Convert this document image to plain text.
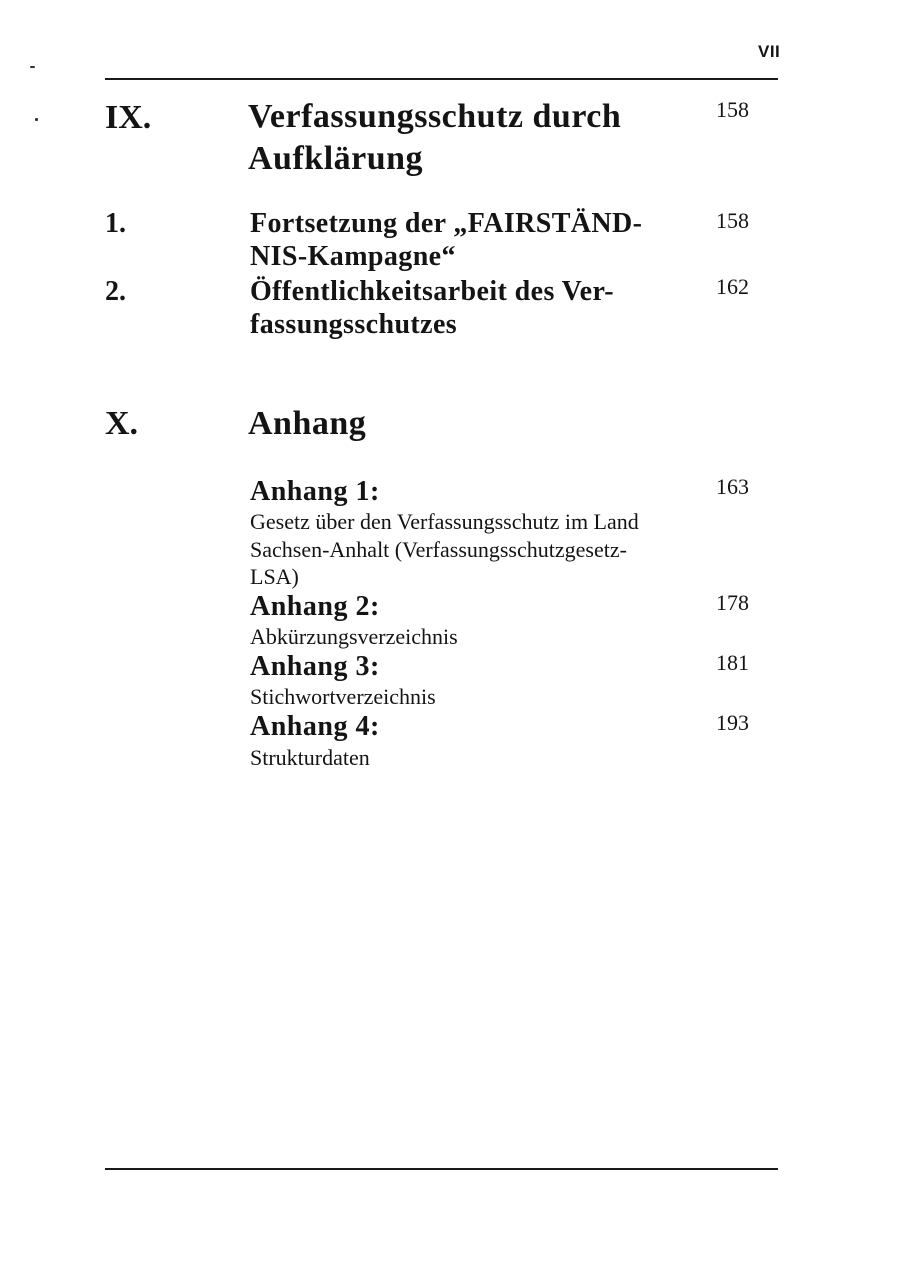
VII
IX.	Verfassungsschutz durch
Aufklärung
158
1.	Fortsetzung der „FAIRSTÄND-
NIS-Kampagne“
158
2.	Öffentlichkeitsarbeit des Ver-
fassungsschutzes
162
X.	Anhang
Anhang 1:	163
Gesetz über den Verfassungsschutz im Land
Sachsen-Anhalt (Verfassungsschutzgesetz-
LSA)
Anhang 2:	178
Abkürzungsverzeichnis
Anhang 3:	181
Stichwortverzeichnis
Anhang 4:	193
Strukturdaten
